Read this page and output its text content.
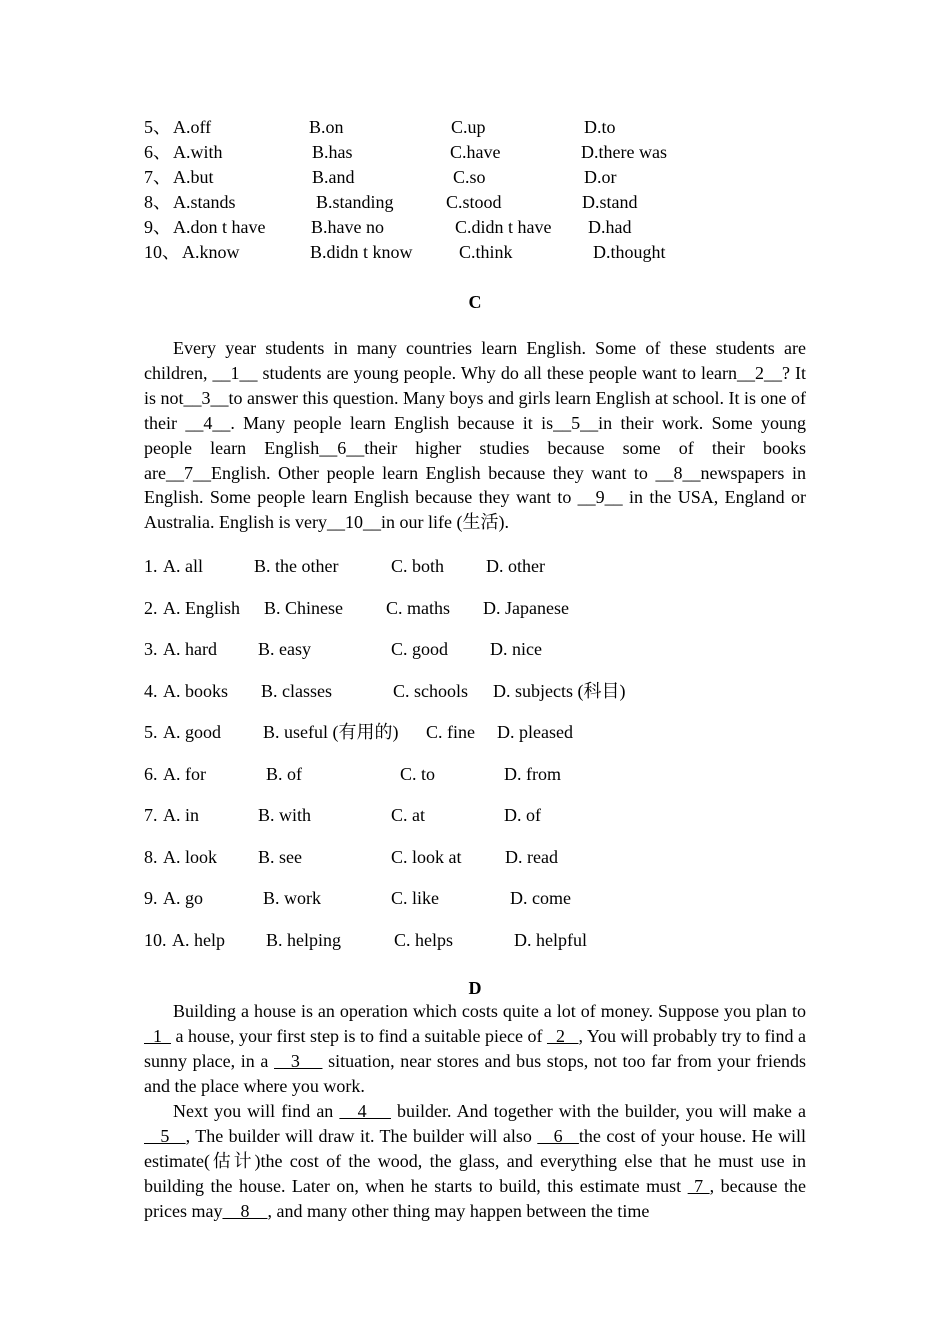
5、 A.off	B.on	C.up	D.to
6、 A.with	B.has	C.have	D.there was
7、 A.but	B.and	C.so	D.or
8、 A.stands	B.standing	C.stood	D.stand
9、 A.don t have	B.have no	C.didn t have D.had
10、 A.know	B.didn t know	C.think	D.thought
C

Every year students in many countries learn English. Some of these students are children, __1__ students are young people. Why do all these people want to learn__2__? It is not__3__to answer this question. Many boys and girls learn English at school. It is one of their __4__. Many people learn English because it is__5__in their work. Some young people learn English__6__their higher studies because some of their books are__7__English. Other people learn English because they want to __8__newspapers in English. Some people learn English because they want to __9__ in the USA, England or Australia. English is very__10__in our life (生活).

1. A. all	B. the other	C. both D. other
2. A. English B. Chinese C. maths D. Japanese
3. A. hard B. easy	C. good D. nice
4. A. books B. classes	C. schools D. subjects (科目)
5. A. good B. useful (有用的) C. fine D. pleased
6. A. for	B. of	C. to	D. from
7. A. in	B. with	C. at	D. of
8. A. look B. see	C. look at D. read
9. A. go	B. work	C. like	D. come
10. A. help B. helping	C. helps	D. helpful
D

Building a house is an operation which costs quite a lot of money. Suppose you plan to   1   a house, your first step is to find a suitable piece of   2   , You will probably try to find a sunny place, in a    3     situation, near stores and bus stops, not too far from your friends and the place where you work.

Next you will find an    4     builder. And together with the builder, you will make a   5   , The builder will draw it. The builder will also    6   the cost of your house. He will estimate(估计)the cost of the wood, the glass, and everything else that he must use in building the house. Later on, when he starts to build, this estimate must  7 , because the prices may    8    , and many other thing may happen between the time
